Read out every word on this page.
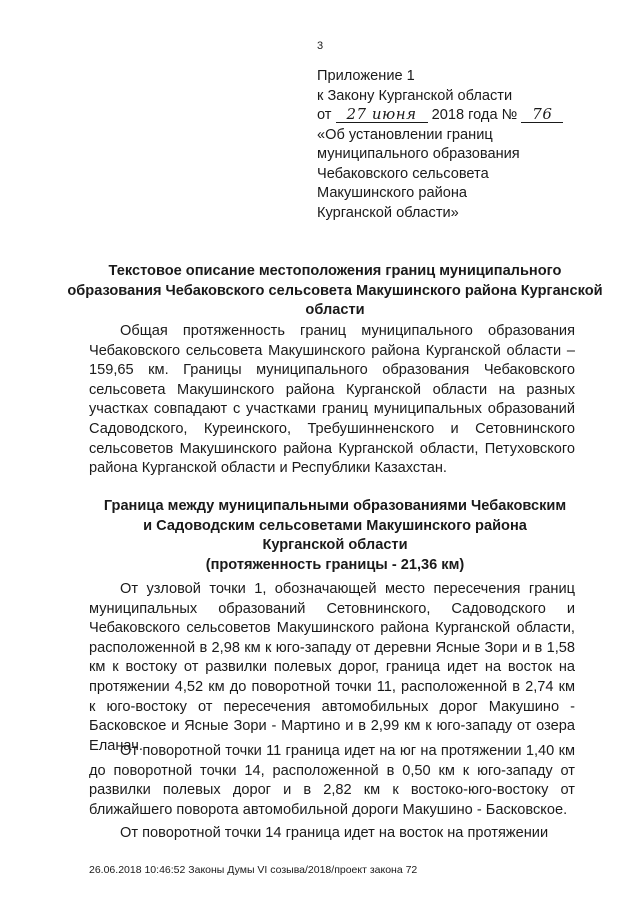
3
Приложение 1
к Закону Курганской области
от 27 июня 2018 года № 76
«Об установлении границ
муниципального образования
Чебаковского сельсовета
Макушинского района
Курганской области»
Текстовое описание местоположения границ муниципального образования Чебаковского сельсовета Макушинского района Курганской области
Общая протяженность границ муниципального образования Чебаковского сельсовета Макушинского района Курганской области – 159,65 км. Границы муниципального образования Чебаковского сельсовета Макушинского района Курганской области на разных участках совпадают с участками границ муниципальных образований Садоводского, Куреинского, Требушинненского и Сетовнинского сельсоветов Макушинского района Курганской области, Петуховского района Курганской области и Республики Казахстан.
Граница между муниципальными образованиями Чебаковским
и Садоводским сельсоветами Макушинского района
Курганской области
(протяженность границы - 21,36 км)
От узловой точки 1, обозначающей место пересечения границ муниципальных образований Сетовнинского, Садоводского и Чебаковского сельсоветов Макушинского района Курганской области, расположенной в 2,98 км к юго-западу от деревни Ясные Зори и в 1,58 км к востоку от развилки полевых дорог, граница идет на восток на протяжении 4,52 км до поворотной точки 11, расположенной в 2,74 км к юго-востоку от пересечения автомобильных дорог Макушино - Басковское и Ясные Зори - Мартино и в 2,99 км к юго-западу от озера Еланач.
От поворотной точки 11 граница идет на юг на протяжении 1,40 км до поворотной точки 14, расположенной в 0,50 км к юго-западу от развилки полевых дорог и в 2,82 км к востоко-юго-востоку от ближайшего поворота автомобильной дороги Макушино - Басковское.
От поворотной точки 14 граница идет на восток на протяжении
26.06.2018 10:46:52 Законы Думы VI созыва/2018/проект закона 72
